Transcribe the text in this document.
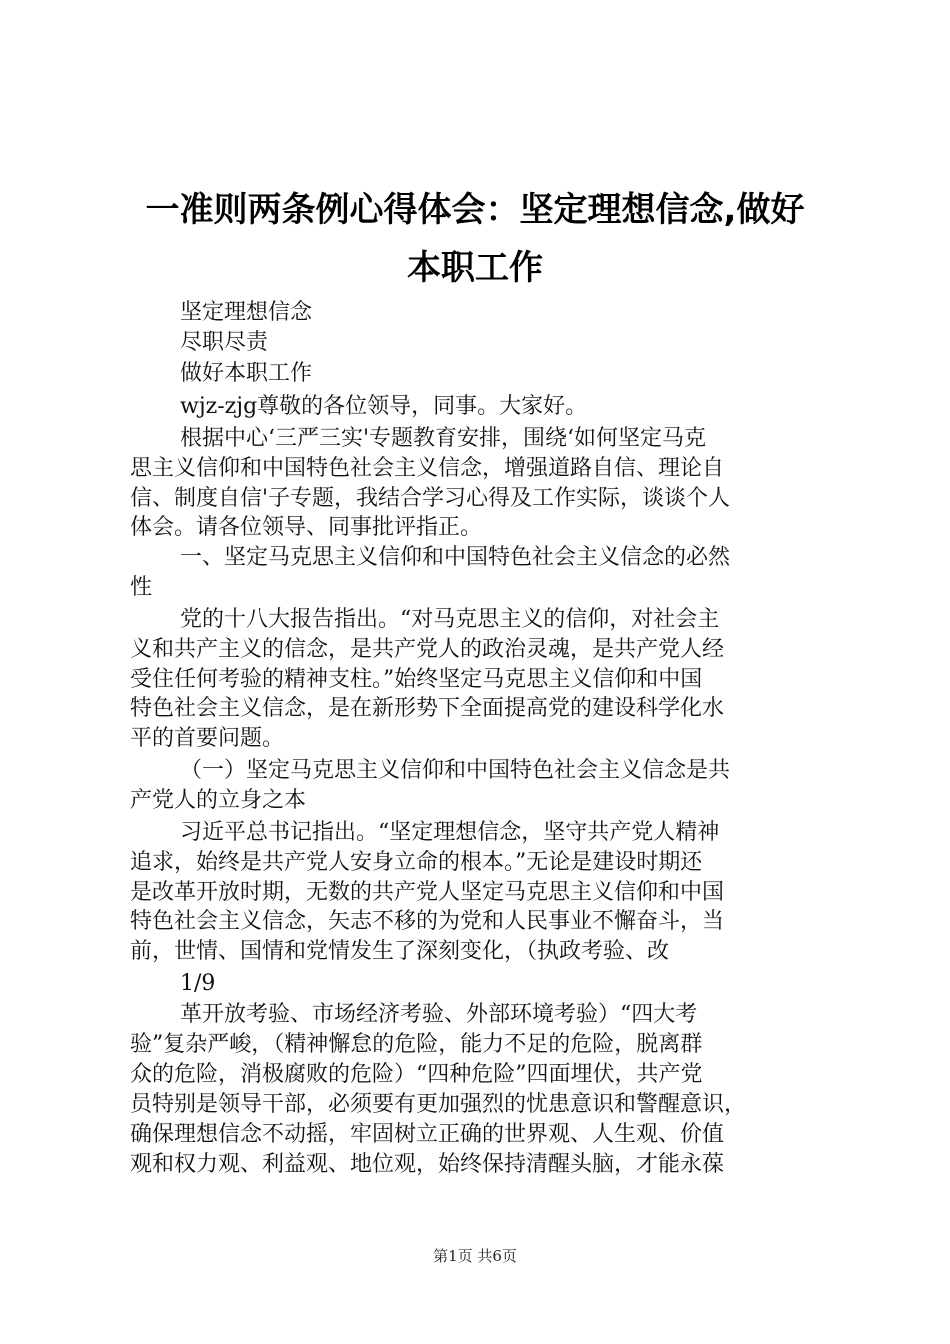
一准则两条例心得体会：坚定理想信念,做好
本职工作
坚定理想信念
尽职尽责
做好本职工作
wjz-zjg尊敬的各位领导，同事。大家好。
根据中心‘三严三实'专题教育安排，围绕‘如何坚定马克
思主义信仰和中国特色社会主义信念，增强道路自信、理论自
信、制度自信'子专题，我结合学习心得及工作实际，谈谈个人
体会。请各位领导、同事批评指正。
一、坚定马克思主义信仰和中国特色社会主义信念的必然
性
党的十八大报告指出。“对马克思主义的信仰，对社会主
义和共产主义的信念，是共产党人的政治灵魂，是共产党人经
受住任何考验的精神支柱。”始终坚定马克思主义信仰和中国
特色社会主义信念，是在新形势下全面提高党的建设科学化水
平的首要问题。
（一）坚定马克思主义信仰和中国特色社会主义信念是共
产党人的立身之本
习近平总书记指出。“坚定理想信念，坚守共产党人精神
追求，始终是共产党人安身立命的根本。”无论是建设时期还
是改革开放时期，无数的共产党人坚定马克思主义信仰和中国
特色社会主义信念，矢志不移的为党和人民事业不懈奋斗，当
前，世情、国情和党情发生了深刻变化，（执政考验、改
1/9
革开放考验、市场经济考验、外部环境考验）“四大考
验”复杂严峻，（精神懈怠的危险，能力不足的危险，脱离群
众的危险，消极腐败的危险）“四种危险”四面埋伏，共产党
员特别是领导干部，必须要有更加强烈的忧患意识和警醒意识，
确保理想信念不动摇，牢固树立正确的世界观、人生观、价值
观和权力观、利益观、地位观，始终保持清醒头脑，才能永葆
第1页 共6页
